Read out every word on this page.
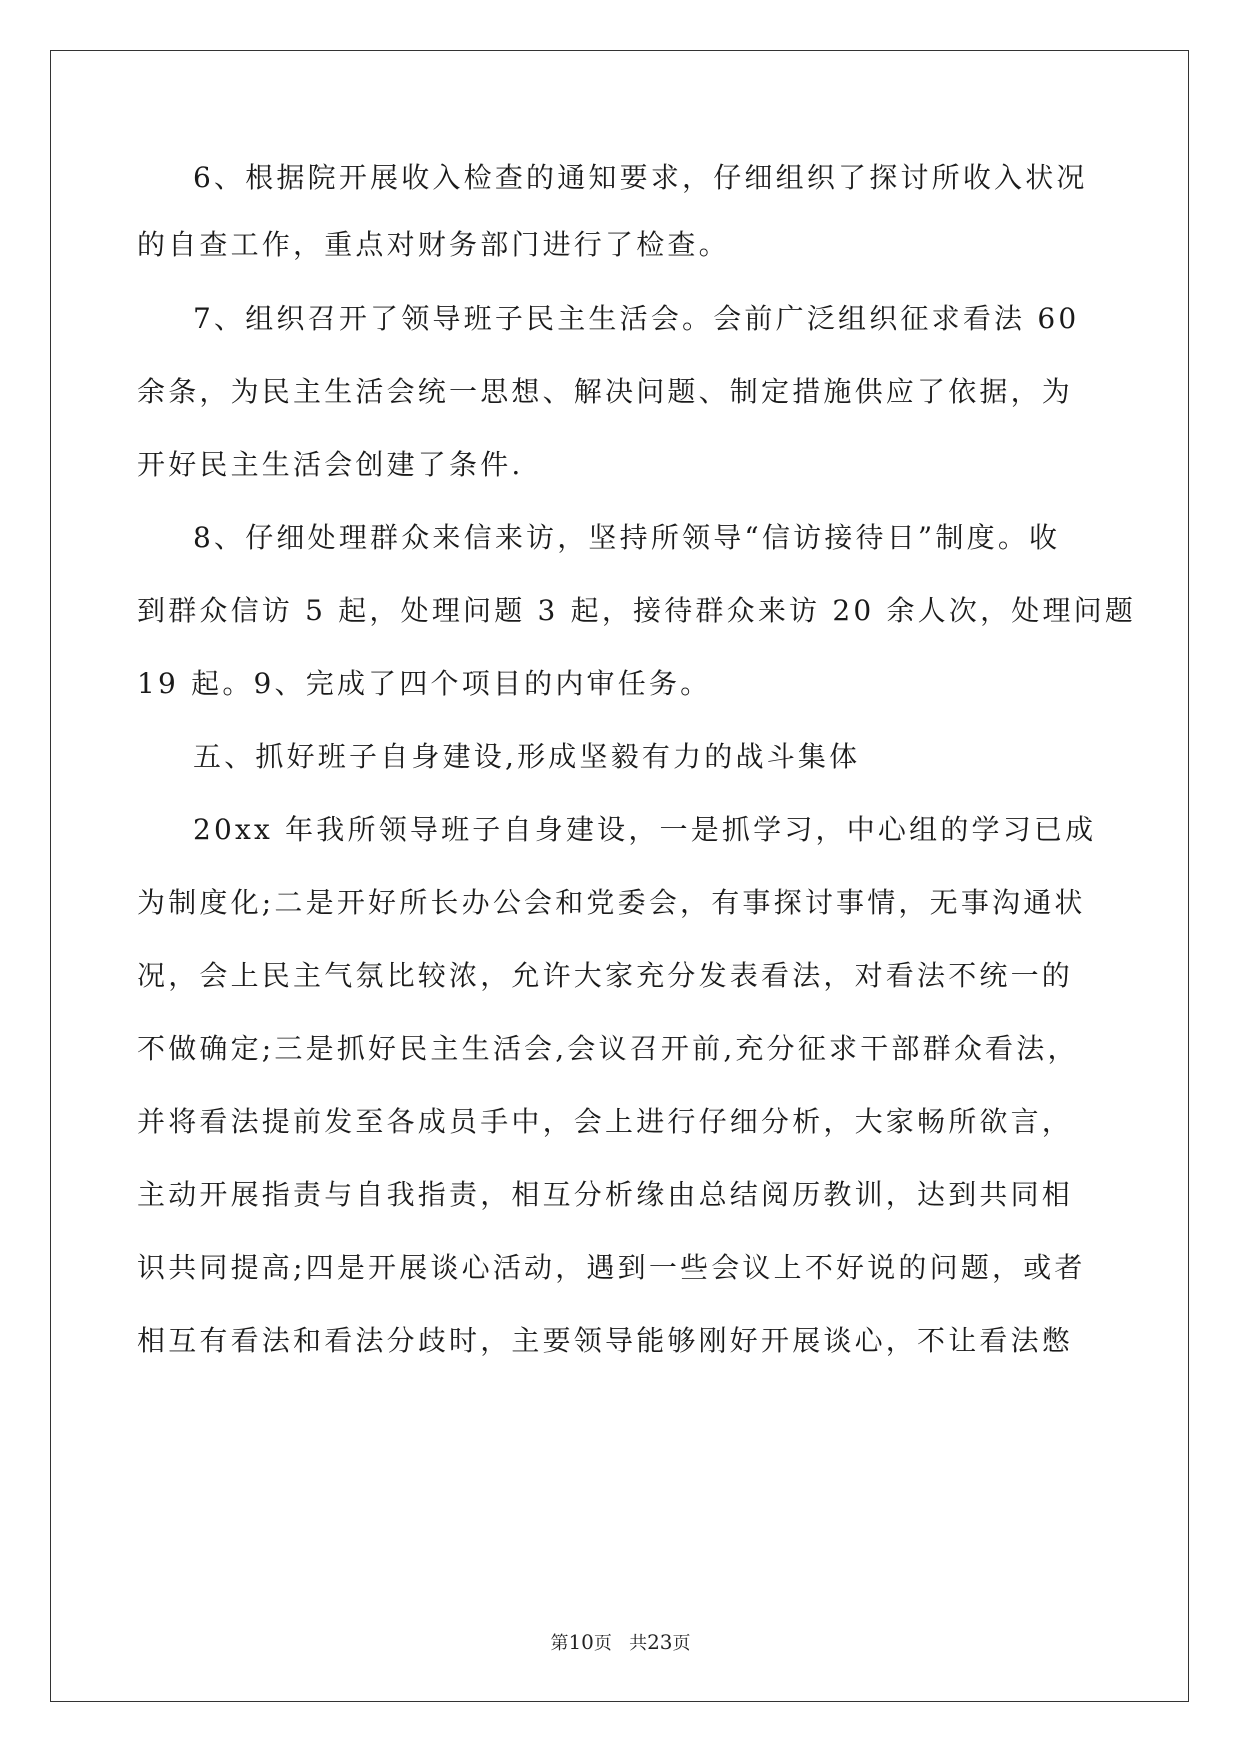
6、根据院开展收入检查的通知要求，仔细组织了探讨所收入状况
的自查工作，重点对财务部门进行了检查。
7、组织召开了领导班子民主生活会。会前广泛组织征求看法 60
余条，为民主生活会统一思想、解决问题、制定措施供应了依据，为
开好民主生活会创建了条件.
8、仔细处理群众来信来访，坚持所领导“信访接待日”制度。收
到群众信访 5 起，处理问题 3 起，接待群众来访 20 余人次，处理问题
19 起。9、完成了四个项目的内审任务。
五、抓好班子自身建设,形成坚毅有力的战斗集体
20xx 年我所领导班子自身建设，一是抓学习，中心组的学习已成
为制度化;二是开好所长办公会和党委会，有事探讨事情，无事沟通状
况，会上民主气氛比较浓，允许大家充分发表看法，对看法不统一的
不做确定;三是抓好民主生活会,会议召开前,充分征求干部群众看法，
并将看法提前发至各成员手中，会上进行仔细分析，大家畅所欲言，
主动开展指责与自我指责，相互分析缘由总结阅历教训，达到共同相
识共同提高;四是开展谈心活动，遇到一些会议上不好说的问题，或者
相互有看法和看法分歧时，主要领导能够刚好开展谈心，不让看法憋
第10页 共23页
